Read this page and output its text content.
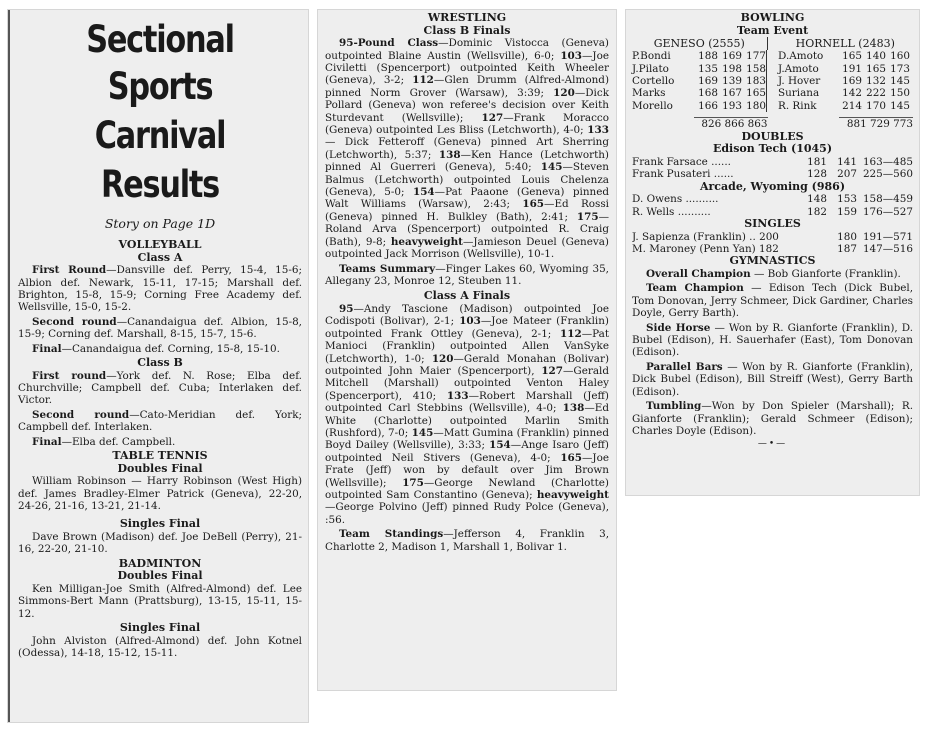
Sectional Sports
Carnival
Results
Story on Page 1D
VOLLEYBALL
Class A

First Round—Dansville def. Perry, 15-4, 15-6; Albion def. Newark, 15-11, 17-15; Marshall def. Brighton, 15-8, 15-9; Corning Free Academy def. Wellsville, 15-0, 15-2.

Second round—Canandaigua def. Albion, 15-8, 15-9; Corning def. Marshall, 8-15, 15-7, 15-6.

Final—Canandaigua def. Corning, 15-8, 15-10.

Class B

First round—York def. N. Rose; Elba def. Churchville; Campbell def. Cuba; Interlaken def. Victor.

Second round—Cato-Meridian def. York; Campbell def. Interlaken.

Final—Elba def. Campbell.

TABLE TENNIS
Doubles Final

William Robinson — Harry Robinson (West High) def. James Bradley-Elmer Patrick (Geneva), 22-20, 24-26, 21-16, 13-21, 21-14.

Singles Final

Dave Brown (Madison) def. Joe DeBell (Perry), 21-16, 22-20, 21-10.

BADMINTON
Doubles Final

Ken Milligan-Joe Smith (Alfred-Almond) def. Lee Simmons-Bert Mann (Prattsburg), 13-15, 15-11, 15-12.

Singles Final

John Alviston (Alfred-Almond) def. John Kotnel (Odessa), 14-18, 15-12, 15-11.

WRESTLING
Class B Finals

95-Pound Class—Dominic Vistocca (Geneva) outpointed Blaine Austin (Wellsville), 6-0; 103—Joe Civiletti (Spencerport) outpointed Keith Wheeler (Geneva), 3-2; 112—Glen Drumm (Alfred-Almond) pinned Norm Grover (Warsaw), 3:39; 120—Dick Pollard (Geneva) won referee's decision over Keith Sturdevant (Wellsville); 127—Frank Moracco (Geneva) outpointed Les Bliss (Letchworth), 4-0; 133— Dick Fetteroff (Geneva) pinned Art Sherring (Letchworth), 5:37; 138—Ken Hance (Letchworth) pinned Al Guerreri (Geneva), 5:40; 145—Steven Balmus (Letchworth) outpointed Louis Chelenza (Geneva), 5-0; 154—Pat Paaone (Geneva) pinned Walt Williams (Warsaw), 2:43; 165—Ed Rossi (Geneva) pinned H. Bulkley (Bath), 2:41; 175—Roland Arva (Spencerport) outpointed R. Craig (Bath), 9-8; heavyweight—Jamieson Deuel (Geneva) outpointed Jack Morrison (Wellsville), 10-1.

Teams Summary—Finger Lakes 60, Wyoming 35, Allegany 23, Monroe 12, Steuben 11.

Class A Finals

95—Andy Tascione (Madison) outpointed Joe Codispoti (Bolivar), 2-1; 103—Joe Mateer (Franklin) outpointed Frank Ottley (Geneva), 2-1; 112—Pat Manioci (Franklin) outpointed Allen VanSyke (Letchworth), 1-0; 120—Gerald Monahan (Bolivar) outpointed John Maier (Spencerport), 127—Gerald Mitchell (Marshall) outpointed Venton Haley (Spencerport), 410; 133—Robert Marshall (Jeff) outpointed Carl Stebbins (Wellsville), 4-0; 138—Ed White (Charlotte) outpointed Marlin Smith (Rushford), 7-0; 145—Matt Gumina (Franklin) pinned Boyd Dailey (Wellsville), 3:33; 154—Ange Isaro (Jeff) outpointed Neil Stivers (Geneva), 4-0; 165—Joe Frate (Jeff) won by default over Jim Brown (Wellsville); 175—George Newland (Charlotte) outpointed Sam Constantino (Geneva); heavyweight—George Polvino (Jeff) pinned Rudy Polce (Geneva), :56.

Team Standings—Jefferson 4, Franklin 3, Charlotte 2, Madison 1, Marshall 1, Bolivar 1.

BOWLING
Team Event
GENESO (2555)	HORNELL (2483)
P.Bondi	188 169 177 D.Amoto	165 140 160
J.Pilato	135 198 158 J.Amoto	191 165 173
Cortello	169 139 183 J. Hover	169 132 145
Marks	168 167 165 Suriana	142 222 150
Morello	166 193 180 R. Rink	214 170 145
826 866 863	881 729 773
DOUBLES
Edison Tech (1045)
Frank Farsace ......	181 141 163—485
Frank Pusateri ......	128 207 225—560
Arcade, Wyoming (986)
D. Owens ..........	148 153 158—459
R. Wells ..........	182 159 176—527
SINGLES
J. Sapienza (Franklin) .. 200	180 191—571
M. Maroney (Penn Yan) 182	187 147—516
GYMNASTICS

Overall Champion — Bob Gianforte (Franklin).

Team Champion — Edison Tech (Dick Bubel, Tom Donovan, Jerry Schmeer, Dick Gardiner, Charles Doyle, Gerry Barth).

Side Horse — Won by R. Gianforte (Franklin), D. Bubel (Edison), H. Sauerhafer (East), Tom Donovan (Edison).

Parallel Bars — Won by R. Gianforte (Franklin), Dick Bubel (Edison), Bill Streiff (West), Gerry Barth (Edison).

Tumbling—Won by Don Spieler (Marshall); R. Gianforte (Franklin); Gerald Schmeer (Edison); Charles Doyle (Edison).

—•—
